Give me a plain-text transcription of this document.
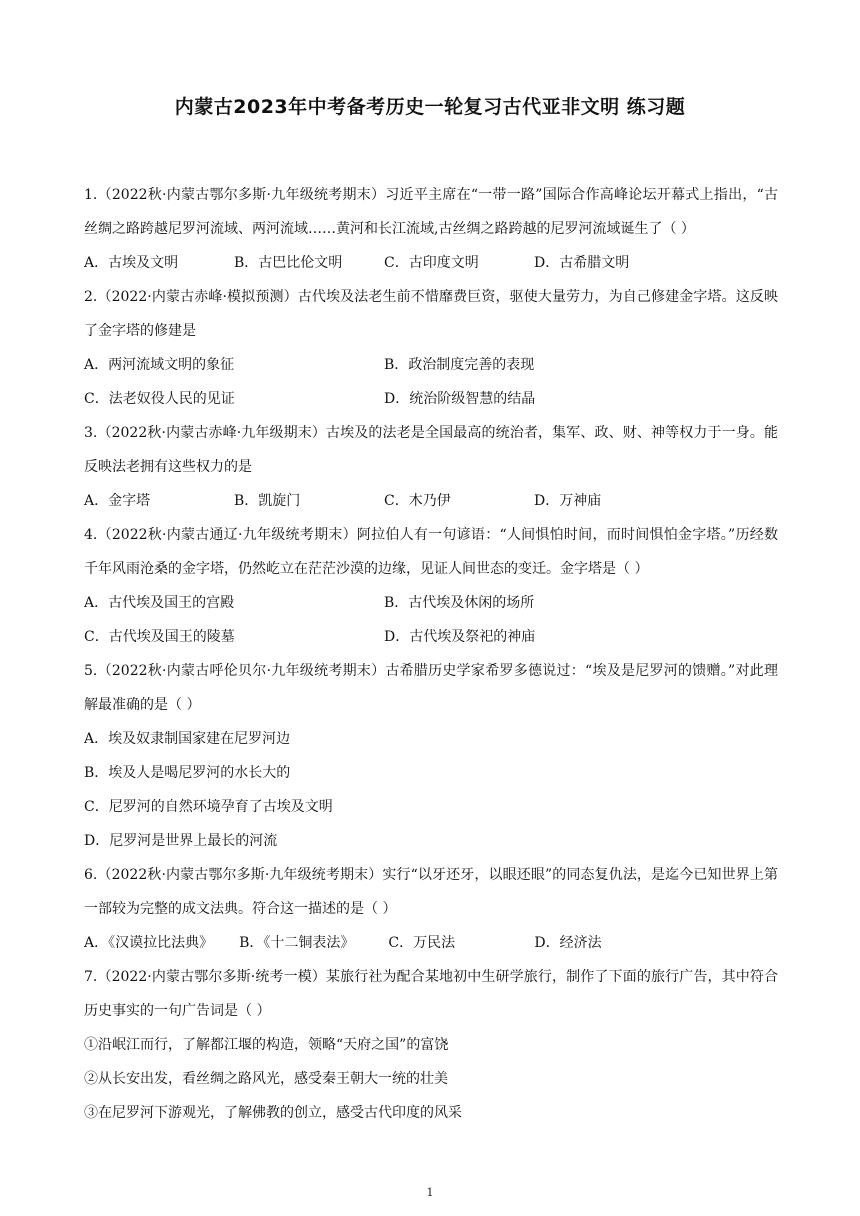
内蒙古2023年中考备考历史一轮复习古代亚非文明 练习题
1.（2022秋·内蒙古鄂尔多斯·九年级统考期末）习近平主席在“一带一路”国际合作高峰论坛开幕式上指出，“古丝绸之路跨越尼罗河流域、两河流域……黄河和长江流域,古丝绸之路跨越的尼罗河流域诞生了（ ）
A．古埃及文明	B．古巴比伦文明	C．古印度文明	D．古希腊文明
2.（2022·内蒙古赤峰·模拟预测）古代埃及法老生前不惜靡费巨资，驱使大量劳力，为自己修建金字塔。这反映了金字塔的修建是
A．两河流域文明的象征	B．政治制度完善的表现
C．法老奴役人民的见证	D．统治阶级智慧的结晶
3.（2022秋·内蒙古赤峰·九年级期末）古埃及的法老是全国最高的统治者，集军、政、财、神等权力于一身。能反映法老拥有这些权力的是
A．金字塔	B．凯旋门	C．木乃伊	D．万神庙
4.（2022秋·内蒙古通辽·九年级统考期末）阿拉伯人有一句谚语：“人间惧怕时间，而时间惧怕金字塔。”历经数千年风雨沧桑的金字塔，仍然屹立在茫茫沙漠的边缘，见证人间世态的变迁。金字塔是（ ）
A．古代埃及国王的宫殿	B．古代埃及休闲的场所
C．古代埃及国王的陵墓	D．古代埃及祭祀的神庙
5.（2022秋·内蒙古呼伦贝尔·九年级统考期末）古希腊历史学家希罗多德说过：“埃及是尼罗河的馈赠。”对此理解最准确的是（ ）
A．埃及奴隶制国家建在尼罗河边
B．埃及人是喝尼罗河的水长大的
C．尼罗河的自然环境孕育了古埃及文明
D．尼罗河是世界上最长的河流
6.（2022秋·内蒙古鄂尔多斯·九年级统考期末）实行“以牙还牙，以眼还眼”的同态复仇法，是迄今已知世界上第一部较为完整的成文法典。符合这一描述的是（ ）
A．《汉谟拉比法典》 B．《十二铜表法》 C．万民法	D．经济法
7.（2022·内蒙古鄂尔多斯·统考一模）某旅行社为配合某地初中生研学旅行，制作了下面的旅行广告，其中符合历史事实的一句广告词是（ ）
①沿岷江而行，了解都江堰的构造，领略“天府之国”的富饶
②从长安出发，看丝绸之路风光，感受秦王朝大一统的壮美
③在尼罗河下游观光，了解佛教的创立，感受古代印度的风采
1
